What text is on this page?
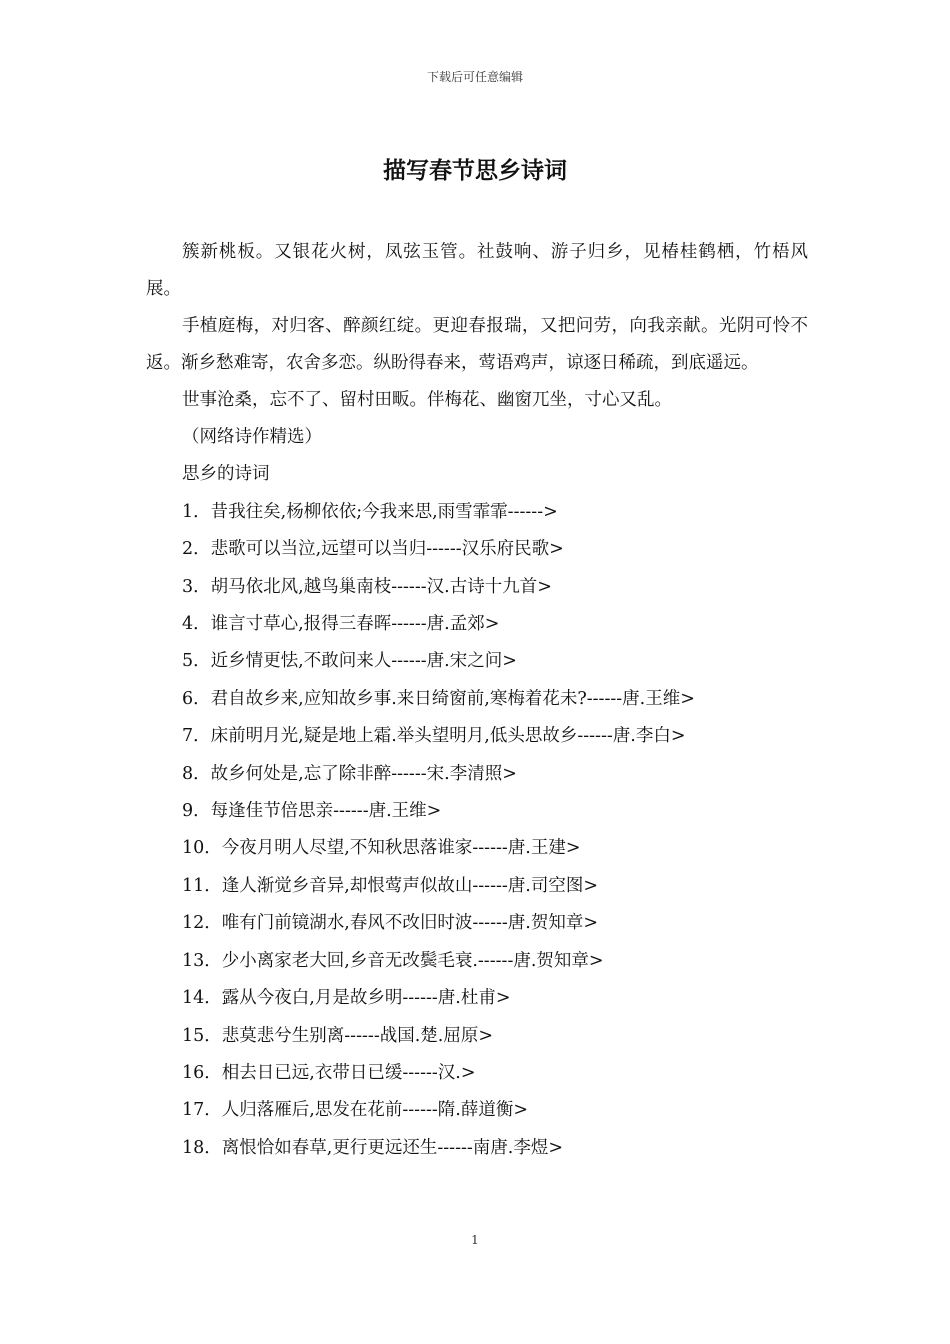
下载后可任意编辑
描写春节思乡诗词

簇新桃板。又银花火树，凤弦玉管。社鼓响、游子归乡，见椿桂鹤栖，竹梧风展。

手植庭梅，对归客、醉颜红绽。更迎春报瑞，又把问劳，向我亲献。光阴可怜不返。渐乡愁难寄，农舍多恋。纵盼得春来，莺语鸡声，谅逐日稀疏，到底遥远。

世事沧桑，忘不了、留村田畈。伴梅花、幽窗兀坐，寸心又乱。

（网络诗作精选）

思乡的诗词

1．昔我往矣,杨柳依依;今我来思,雨雪霏霏------>
2．悲歌可以当泣,远望可以当归------汉乐府民歌>
3．胡马依北风,越鸟巢南枝------汉.古诗十九首>
4．谁言寸草心,报得三春晖------唐.孟郊>
5．近乡情更怯,不敢问来人------唐.宋之问>
6．君自故乡来,应知故乡事.来日绮窗前,寒梅着花未?------唐.王维>
7．床前明月光,疑是地上霜.举头望明月,低头思故乡------唐.李白>
8．故乡何处是,忘了除非醉------宋.李清照>
9．每逢佳节倍思亲------唐.王维>
10．今夜月明人尽望,不知秋思落谁家------唐.王建>
11．逢人渐觉乡音异,却恨莺声似故山------唐.司空图>
12．唯有门前镜湖水,春风不改旧时波------唐.贺知章>
13．少小离家老大回,乡音无改鬓毛衰.------唐.贺知章>
14．露从今夜白,月是故乡明------唐.杜甫>
15．悲莫悲兮生别离------战国.楚.屈原>
16．相去日已远,衣带日已缓------汉.>
17．人归落雁后,思发在花前------隋.薛道衡>
18．离恨恰如春草,更行更远还生------南唐.李煜>
1
